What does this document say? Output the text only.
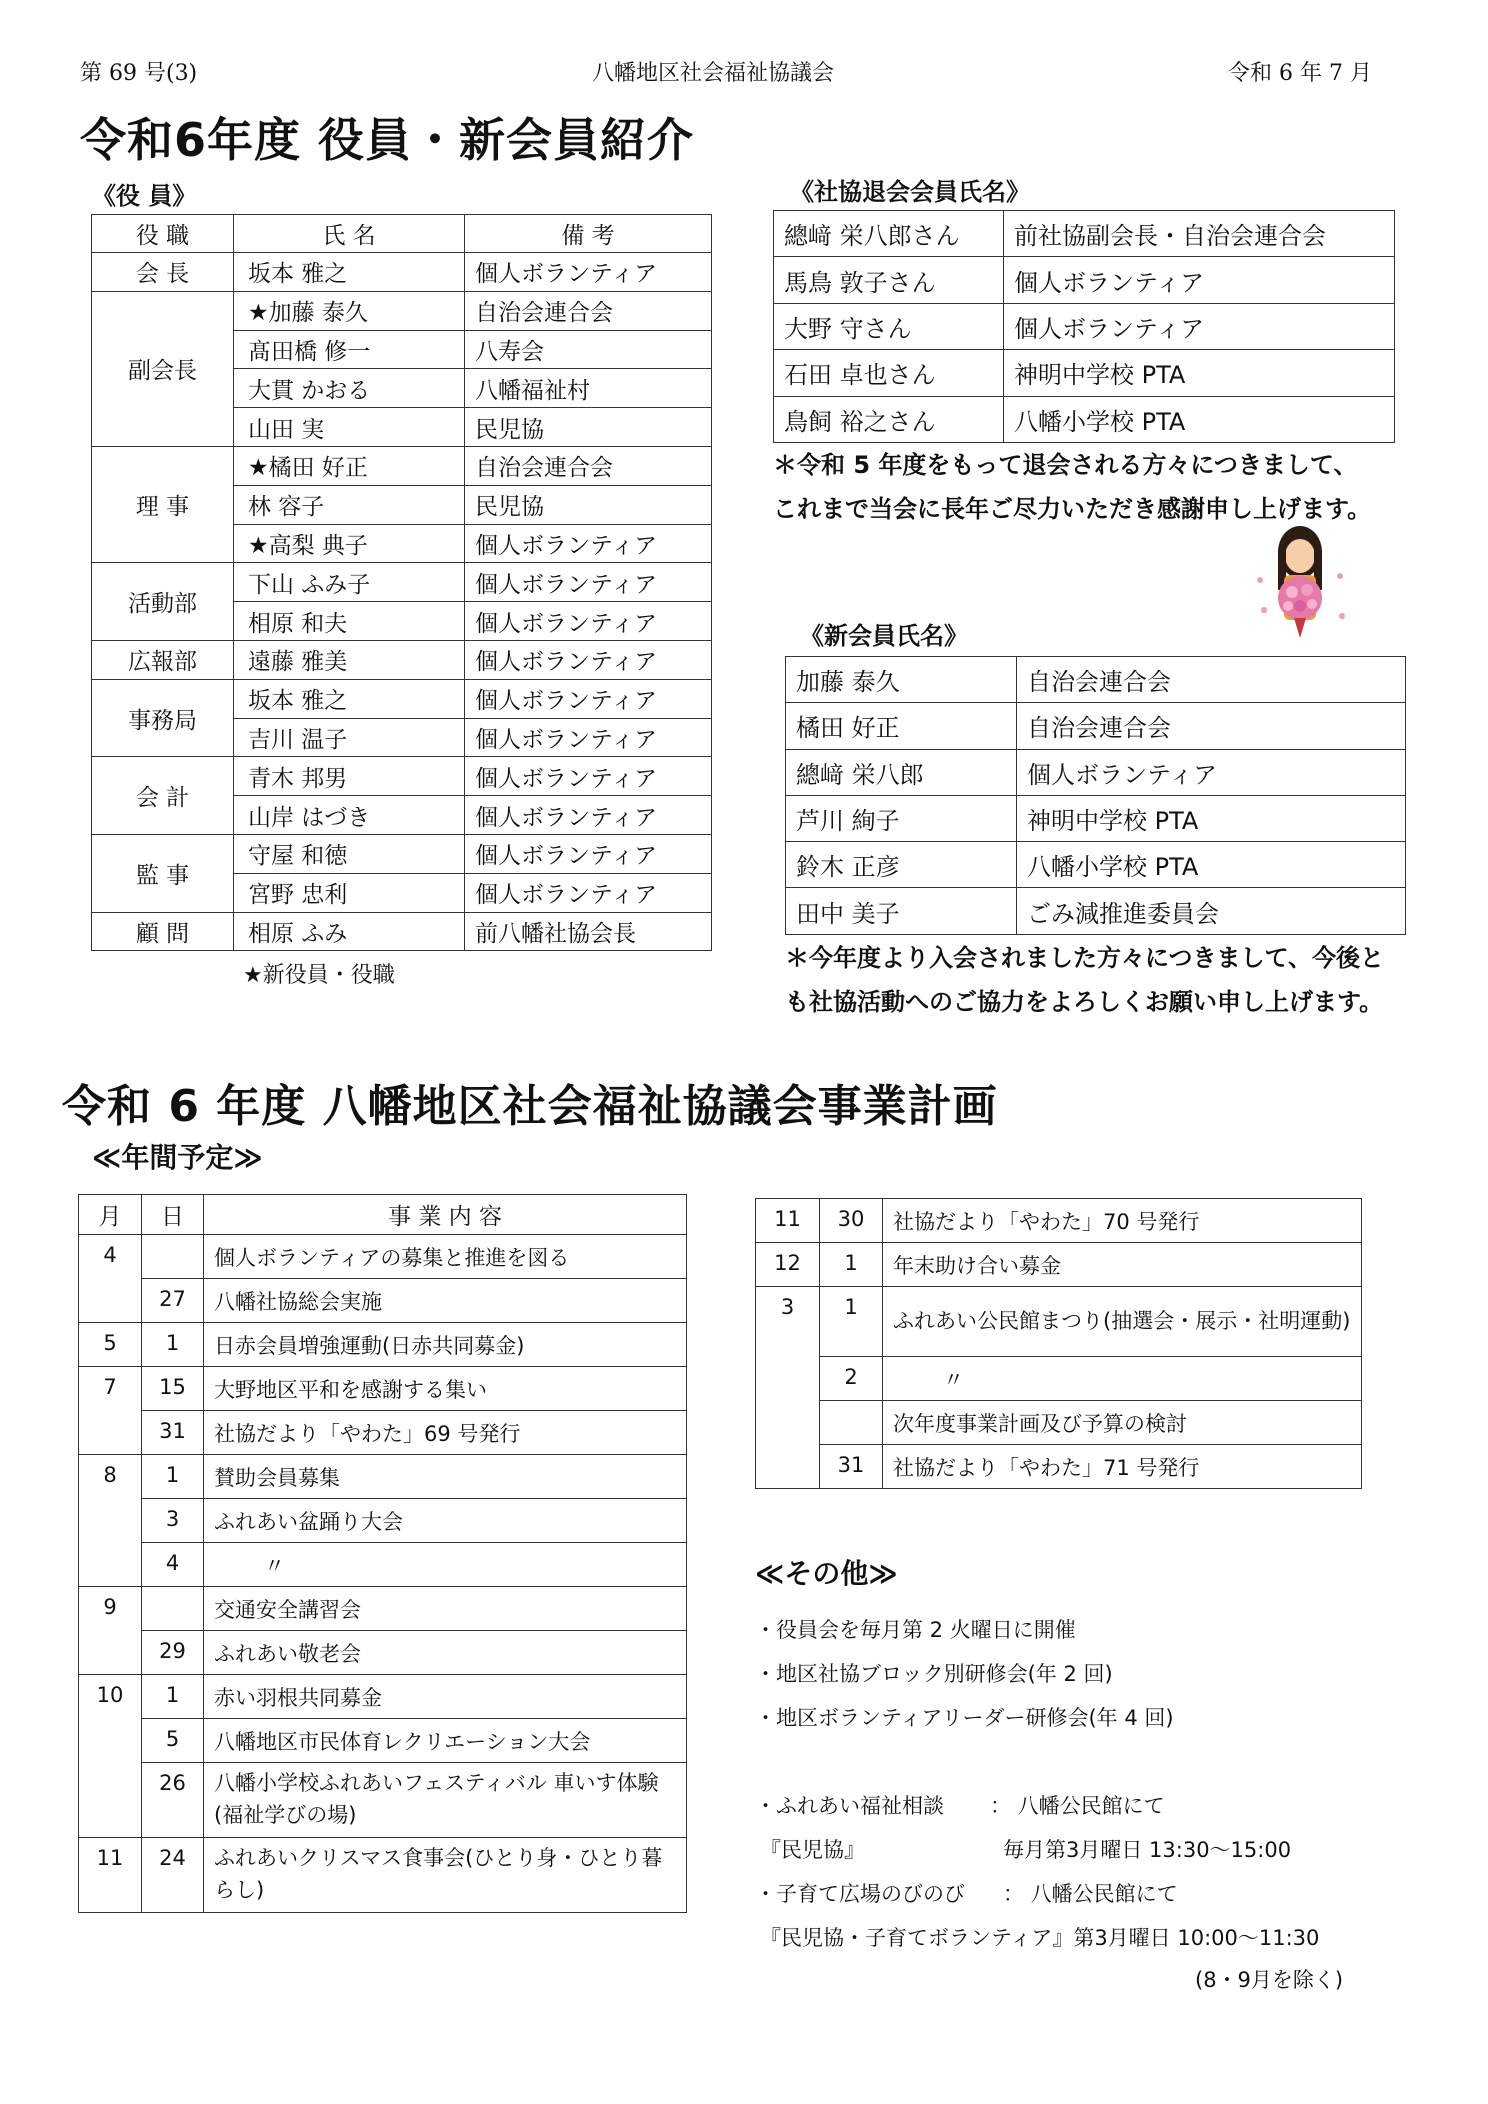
第 69 号(3)	八幡地区社会福祉協議会	令和 6 年 7 月
令和6年度 役員・新会員紹介
《役 員》
役 職	氏 名	備 考
会 長	坂本 雅之	個人ボランティア
副会長	★加藤 泰久	自治会連合会
	髙田橋 修一	八寿会
	大貫 かおる	八幡福祉村
	山田 実	民児協
理 事	★橘田 好正	自治会連合会
	林 容子	民児協
	★高梨 典子	個人ボランティア
活動部	下山 ふみ子	個人ボランティア
	相原 和夫	個人ボランティア
広報部	遠藤 雅美	個人ボランティア
事務局	坂本 雅之	個人ボランティア
	吉川 温子	個人ボランティア
会 計	青木 邦男	個人ボランティア
	山岸 はづき	個人ボランティア
監 事	守屋 和徳	個人ボランティア
	宮野 忠利	個人ボランティア
顧 問	相原 ふみ	前八幡社協会長
★新役員・役職
《社協退会会員氏名》
總﨑 栄八郎さん	前社協副会長・自治会連合会
馬鳥 敦子さん	個人ボランティア
大野 守さん	個人ボランティア
石田 卓也さん	神明中学校 PTA
鳥飼 裕之さん	八幡小学校 PTA
＊令和 5 年度をもって退会される方々につきまして、
これまで当会に長年ご尽力いただき感謝申し上げます。
《新会員氏名》
加藤 泰久	自治会連合会
橘田 好正	自治会連合会
總﨑 栄八郎	個人ボランティア
芦川 絢子	神明中学校 PTA
鈴木 正彦	八幡小学校 PTA
田中 美子	ごみ減推進委員会
＊今年度より入会されました方々につきまして、今後と
も社協活動へのご協力をよろしくお願い申し上げます。
令和 6 年度 八幡地区社会福祉協議会事業計画
≪年間予定≫
月	日	事 業 内 容
4		個人ボランティアの募集と推進を図る
	27	八幡社協総会実施
5	1	日赤会員増強運動(日赤共同募金)
7	15	大野地区平和を感謝する集い
	31	社協だより「やわた」69 号発行
8	1	賛助会員募集
	3	ふれあい盆踊り大会
	4	〃
9		交通安全講習会
	29	ふれあい敬老会
10	1	赤い羽根共同募金
	5	八幡地区市民体育レクリエーション大会
	26	八幡小学校ふれあいフェスティバル 車いす体験(福祉学びの場)
11	24	ふれあいクリスマス食事会(ひとり身・ひとり暮らし)
11	30	社協だより「やわた」70 号発行
12	1	年末助け合い募金
3	1	ふれあい公民館まつり(抽選会・展示・社明運動)
	2	〃
		次年度事業計画及び予算の検討
	31	社協だより「やわた」71 号発行
≪その他≫
・役員会を毎月第 2 火曜日に開催
・地区社協ブロック別研修会(年 2 回)
・地区ボランティアリーダー研修会(年 4 回)
・ふれあい福祉相談 ： 八幡公民館にて
『民児協』	毎月第3月曜日 13:30～15:00
・子育て広場のびのび ： 八幡公民館にて
『民児協・子育てボランティア』第3月曜日 10:00～11:30
(8・9月を除く)
